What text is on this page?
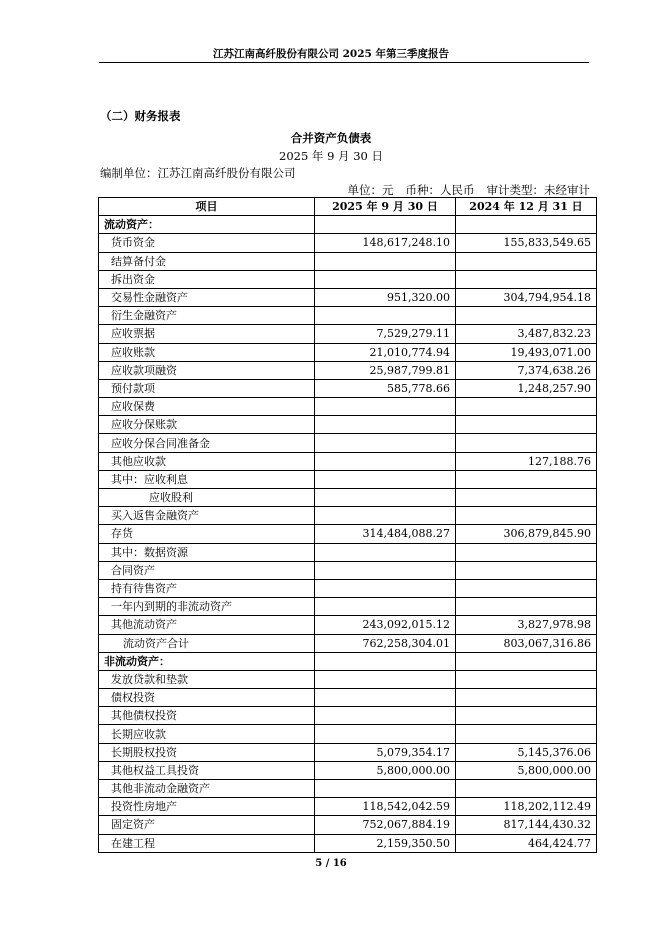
江苏江南高纤股份有限公司 2025 年第三季度报告
（二）财务报表
合并资产负债表
2025 年 9 月 30 日
编制单位：江苏江南高纤股份有限公司
单位：元 币种：人民币 审计类型：未经审计
项目	2025 年 9 月 30 日	2024 年 12 月 31 日
流动资产：		
货币资金	148,617,248.10	155,833,549.65
结算备付金		
拆出资金		
交易性金融资产	951,320.00	304,794,954.18
衍生金融资产		
应收票据	7,529,279.11	3,487,832.23
应收账款	21,010,774.94	19,493,071.00
应收款项融资	25,987,799.81	7,374,638.26
预付款项	585,778.66	1,248,257.90
应收保费		
应收分保账款		
应收分保合同准备金		
其他应收款		127,188.76
其中：应收利息		
应收股利		
买入返售金融资产		
存货	314,484,088.27	306,879,845.90
其中：数据资源		
合同资产		
持有待售资产		
一年内到期的非流动资产		
其他流动资产	243,092,015.12	3,827,978.98
流动资产合计	762,258,304.01	803,067,316.86
非流动资产：		
发放贷款和垫款		
债权投资		
其他债权投资		
长期应收款		
长期股权投资	5,079,354.17	5,145,376.06
其他权益工具投资	5,800,000.00	5,800,000.00
其他非流动金融资产		
投资性房地产	118,542,042.59	118,202,112.49
固定资产	752,067,884.19	817,144,430.32
在建工程	2,159,350.50	464,424.77
5 / 16
